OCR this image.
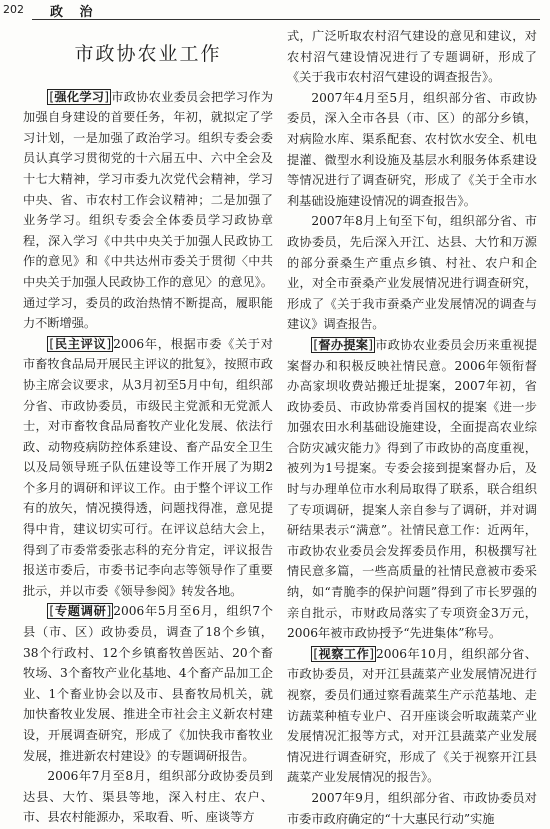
202 政 治
市政协农业工作

[强化学习] 市政协农业委员会把学习作为加强自身建设的首要任务，年初，就拟定了学习计划，一是加强了政治学习。组织专委会委员认真学习贯彻党的十六届五中、六中全会及十七大精神，学习市委九次党代会精神，学习中央、省、市农村工作会议精神；二是加强了业务学习。组织专委会全体委员学习政协章程，深入学习《中共中央关于加强人民政协工作的意见》和《中共达州市委关于贯彻〈中共中央关于加强人民政协工作的意见〉的意见》。通过学习，委员的政治热情不断提高，履职能力不断增强。

[民主评议] 2006年，根据市委《关于对市畜牧食品局开展民主评议的批复》，按照市政协主席会议要求，从3月初至5月中旬，组织部分省、市政协委员，市级民主党派和无党派人士，对市畜牧食品局畜牧产业化发展、依法行政、动物疫病防控体系建设、畜产品安全卫生以及局领导班子队伍建设等工作开展了为期2个多月的调研和评议工作。由于整个评议工作有的放矢，情况摸得透，问题找得准，意见提得中肯，建议切实可行。在评议总结大会上，得到了市委常委张志科的充分肯定，评议报告报送市委后，市委书记李向志等领导作了重要批示，并以市委《领导参阅》转发各地。

[专题调研] 2006年5月至6月，组织7个县（市、区）政协委员，调查了18个乡镇，38个行政村、12个乡镇畜牧兽医站、20个畜牧场、3个畜牧产业化基地、4个畜产品加工企业、1个畜业协会以及市、县畜牧局机关，就加快畜牧业发展、推进全市社会主义新农村建设，开展调查研究，形成了《加快我市畜牧业发展，推进新农村建设》的专题调研报告。

2006年7月至8月，组织部分政协委员到达县、大竹、渠县等地，深入村庄、农户、市、县农村能源办，采取看、听、座谈等方

式，广泛听取农村沼气建设的意见和建议，对农村沼气建设情况进行了专题调研，形成了《关于我市农村沼气建设的调查报告》。

2007年4月至5月，组织部分省、市政协委员，深入全市各县（市、区）的部分乡镇，对病险水库、渠系配套、农村饮水安全、机电提灌、微型水利设施及基层水利服务体系建设等情况进行了调查研究，形成了《关于全市水利基础设施建设情况的调查报告》。

2007年8月上旬至下旬，组织部分省、市政协委员，先后深入开江、达县、大竹和万源的部分蚕桑生产重点乡镇、村社、农户和企业，对全市蚕桑产业发展情况进行调查研究，形成了《关于我市蚕桑产业发展情况的调查与建议》调查报告。

[督办提案] 市政协农业委员会历来重视提案督办和积极反映社情民意。2006年领衔督办高家坝收费站搬迁址提案，2007年初，省政协委员、市政协常委肖国权的提案《进一步加强农田水利基础设施建设，全面提高农业综合防灾减灾能力》得到了市政协的高度重视，被列为1号提案。专委会接到提案督办后，及时与办理单位市水利局取得了联系，联合组织了专项调研，提案人亲自参与了调研，并对调研结果表示“满意”。社情民意工作：近两年，市政协农业委员会发挥委员作用，积极撰写社情民意多篇，一些高质量的社情民意被市委采纳，如“青脆李的保护问题”得到了市长罗强的亲自批示，市财政局落实了专项资金3万元，2006年被市政协授予“先进集体”称号。

[视察工作] 2006年10月，组织部分省、市政协委员，对开江县蔬菜产业发展情况进行视察，委员们通过察看蔬菜生产示范基地、走访蔬菜种植专业户、召开座谈会听取蔬菜产业发展情况汇报等方式，对开江县蔬菜产业发展情况进行调查研究，形成了《关于视察开江县蔬菜产业发展情况的报告》。

2007年9月，组织部分省、市政协委员对市委市政府确定的“十大惠民行动”实施
